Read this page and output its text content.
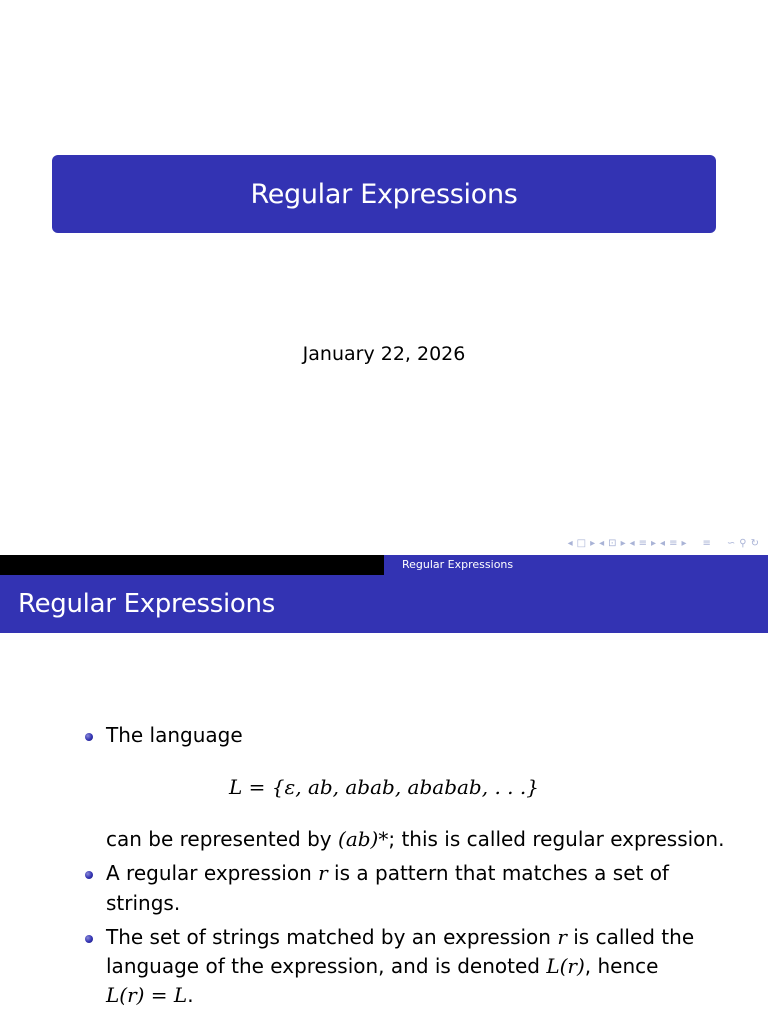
Regular Expressions
January 22, 2026
◂ □ ▸ ◂ ⊡ ▸ ◂ ≡ ▸ ◂ ≡ ▸ ≡ ∽ ⚲ ↻
Regular Expressions
Regular Expressions
The language
L = {ε, ab, abab, ababab, . . .}
can be represented by (ab)*; this is called regular expression.
A regular expression r is a pattern that matches a set of
strings.
The set of strings matched by an expression r is called the
language of the expression, and is denoted L(r), hence
L(r) = L.
